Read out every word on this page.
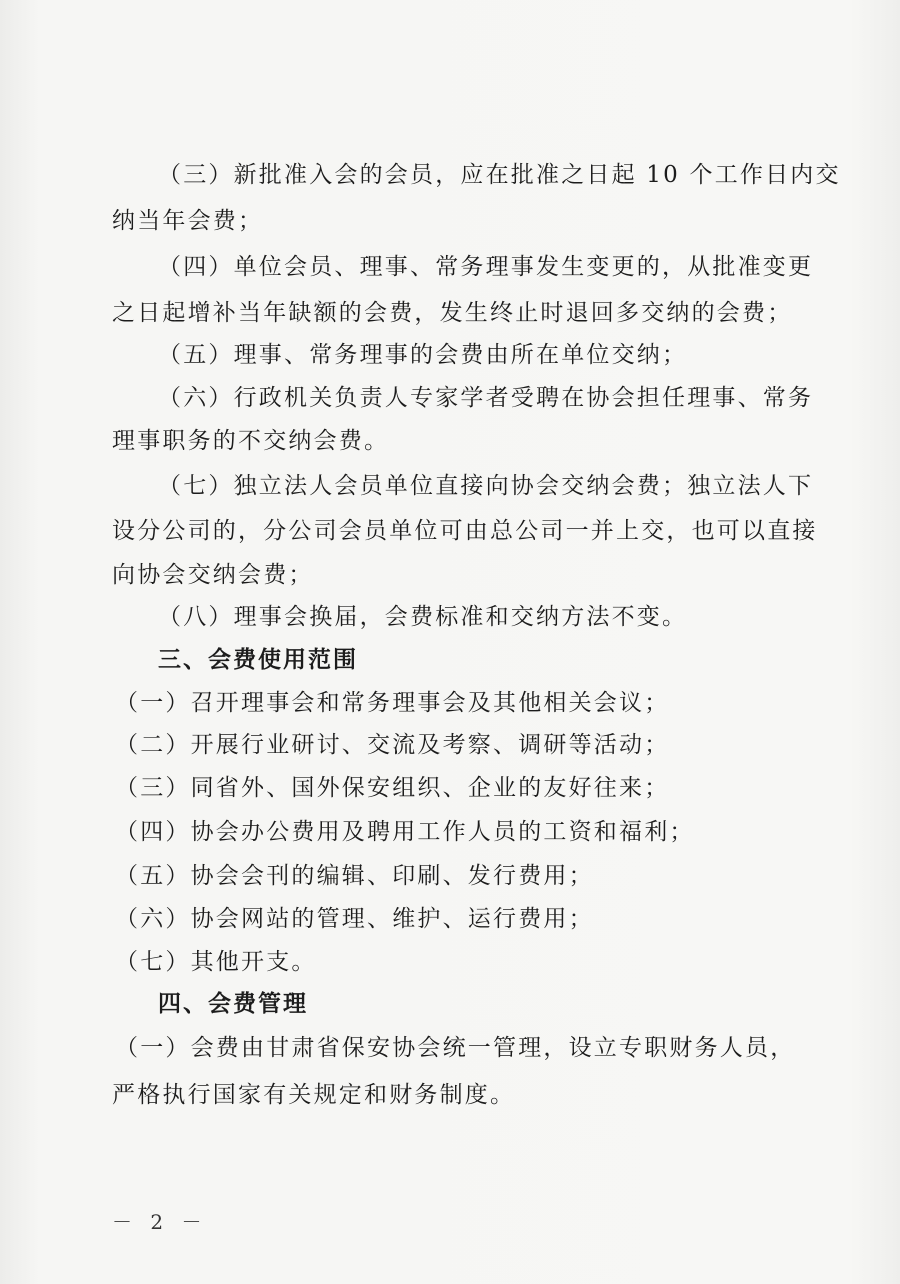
（三）新批准入会的会员，应在批准之日起 10 个工作日内交
纳当年会费；
（四）单位会员、理事、常务理事发生变更的，从批准变更
之日起增补当年缺额的会费，发生终止时退回多交纳的会费；
（五）理事、常务理事的会费由所在单位交纳；
（六）行政机关负责人专家学者受聘在协会担任理事、常务
理事职务的不交纳会费。
（七）独立法人会员单位直接向协会交纳会费；独立法人下
设分公司的，分公司会员单位可由总公司一并上交，也可以直接
向协会交纳会费；
（八）理事会换届，会费标准和交纳方法不变。
三、会费使用范围
（一）召开理事会和常务理事会及其他相关会议；
（二）开展行业研讨、交流及考察、调研等活动；
（三）同省外、国外保安组织、企业的友好往来；
（四）协会办公费用及聘用工作人员的工资和福利；
（五）协会会刊的编辑、印刷、发行费用；
（六）协会网站的管理、维护、运行费用；
（七）其他开支。
四、会费管理
（一）会费由甘肃省保安协会统一管理，设立专职财务人员，
严格执行国家有关规定和财务制度。
－ 2 －
